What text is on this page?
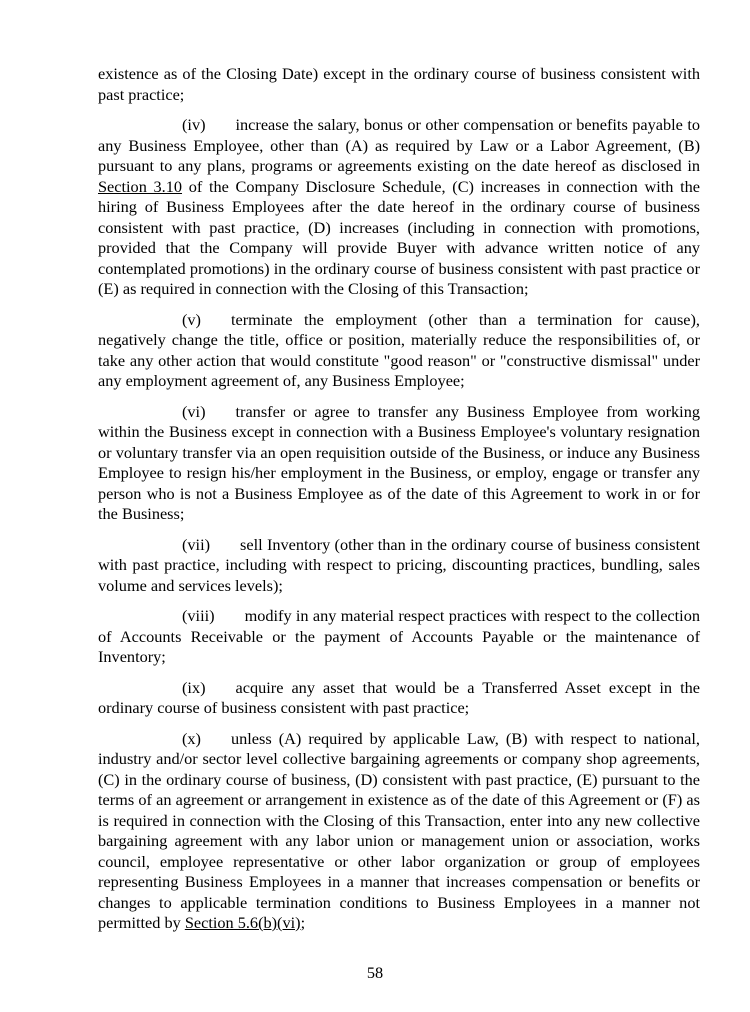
existence as of the Closing Date) except in the ordinary course of business consistent with past practice;

(iv) increase the salary, bonus or other compensation or benefits payable to any Business Employee, other than (A) as required by Law or a Labor Agreement, (B) pursuant to any plans, programs or agreements existing on the date hereof as disclosed in Section 3.10 of the Company Disclosure Schedule, (C) increases in connection with the hiring of Business Employees after the date hereof in the ordinary course of business consistent with past practice, (D) increases (including in connection with promotions, provided that the Company will provide Buyer with advance written notice of any contemplated promotions) in the ordinary course of business consistent with past practice or (E) as required in connection with the Closing of this Transaction;

(v) terminate the employment (other than a termination for cause), negatively change the title, office or position, materially reduce the responsibilities of, or take any other action that would constitute "good reason" or "constructive dismissal" under any employment agreement of, any Business Employee;

(vi) transfer or agree to transfer any Business Employee from working within the Business except in connection with a Business Employee's voluntary resignation or voluntary transfer via an open requisition outside of the Business, or induce any Business Employee to resign his/her employment in the Business, or employ, engage or transfer any person who is not a Business Employee as of the date of this Agreement to work in or for the Business;

(vii) sell Inventory (other than in the ordinary course of business consistent with past practice, including with respect to pricing, discounting practices, bundling, sales volume and services levels);

(viii) modify in any material respect practices with respect to the collection of Accounts Receivable or the payment of Accounts Payable or the maintenance of Inventory;

(ix) acquire any asset that would be a Transferred Asset except in the ordinary course of business consistent with past practice;

(x) unless (A) required by applicable Law, (B) with respect to national, industry and/or sector level collective bargaining agreements or company shop agreements, (C) in the ordinary course of business, (D) consistent with past practice, (E) pursuant to the terms of an agreement or arrangement in existence as of the date of this Agreement or (F) as is required in connection with the Closing of this Transaction, enter into any new collective bargaining agreement with any labor union or management union or association, works council, employee representative or other labor organization or group of employees representing Business Employees in a manner that increases compensation or benefits or changes to applicable termination conditions to Business Employees in a manner not permitted by Section 5.6(b)(vi);

58
